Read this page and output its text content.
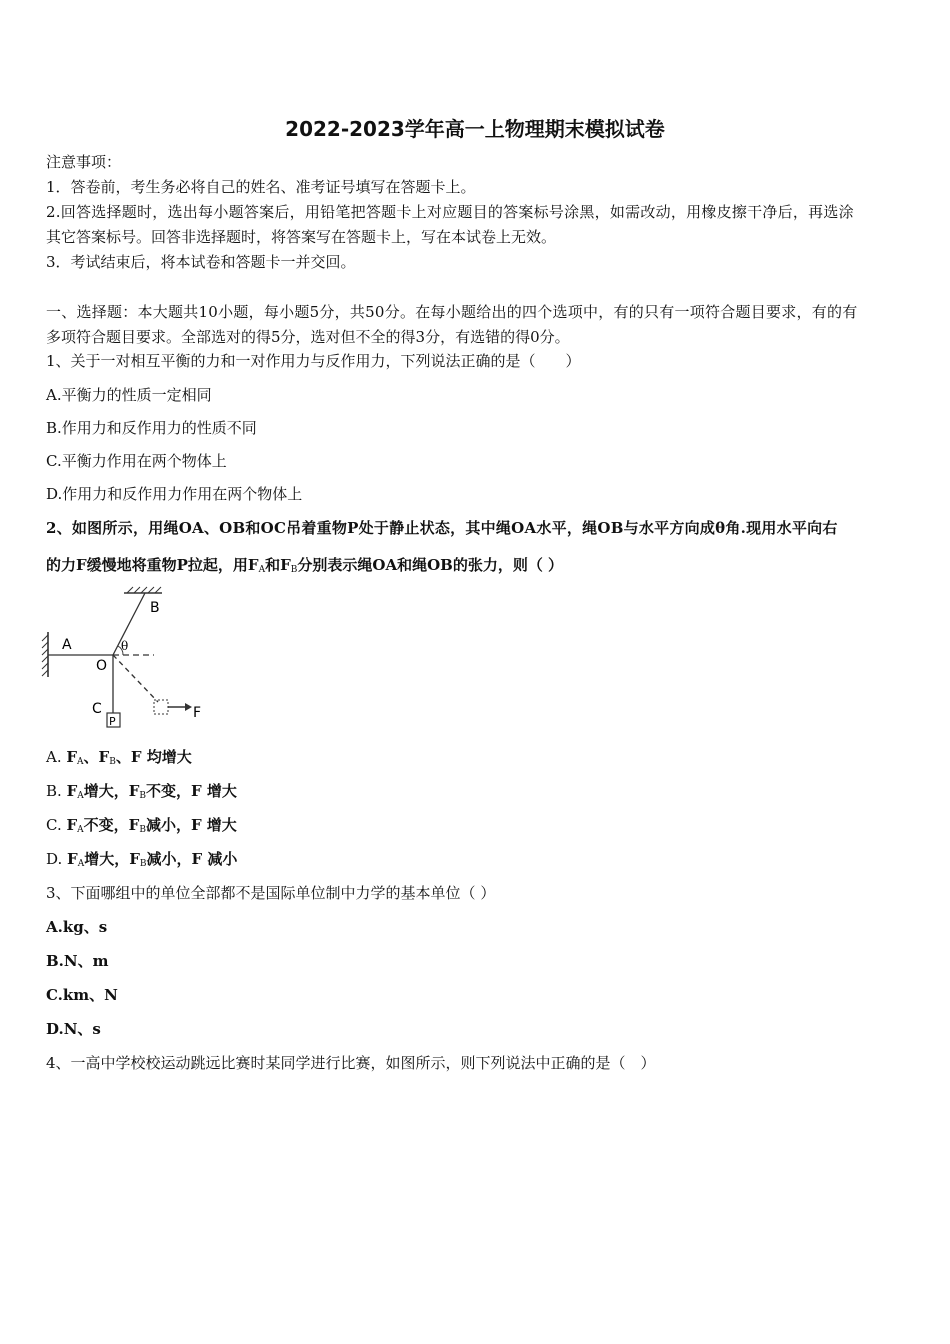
2022-2023学年高一上物理期末模拟试卷
注意事项：
1．答卷前，考生务必将自己的姓名、准考证号填写在答题卡上。
2.回答选择题时，选出每小题答案后，用铅笔把答题卡上对应题目的答案标号涂黑，如需改动，用橡皮擦干净后，再选涂
其它答案标号。回答非选择题时，将答案写在答题卡上，写在本试卷上无效。
3．考试结束后，将本试卷和答题卡一并交回。
一、选择题：本大题共10小题，每小题5分，共50分。在每小题给出的四个选项中，有的只有一项符合题目要求，有的有
多项符合题目要求。全部选对的得5分，选对但不全的得3分，有选错的得0分。
1、关于一对相互平衡的力和一对作用力与反作用力，下列说法正确的是（　　）
A.平衡力的性质一定相同
B.作用力和反作用力的性质不同
C.平衡力作用在两个物体上
D.作用力和反作用力作用在两个物体上
2、如图所示，用绳OA、OB和OC吊着重物P处于静止状态，其中绳OA水平，绳OB与水平方向成θ角.现用水平向右
的力F缓慢地将重物P拉起，用$F_A$和$F_B$分别表示绳OA和绳OB的张力，则（ ）
A
B
O
C
P
F
θ
A. $F_A$、$F_B$、F 均增大
B. $F_A$增大，$F_B$不变，F 增大
C. $F_A$不变，$F_B$减小，F 增大
D. $F_A$增大，$F_B$减小，F 减小
3、下面哪组中的单位全部都不是国际单位制中力学的基本单位（ ）
A.kg、s
B.N、m
C.km、N
D.N、s
4、一高中学校校运动跳远比赛时某同学进行比赛，如图所示，则下列说法中正确的是（　）
